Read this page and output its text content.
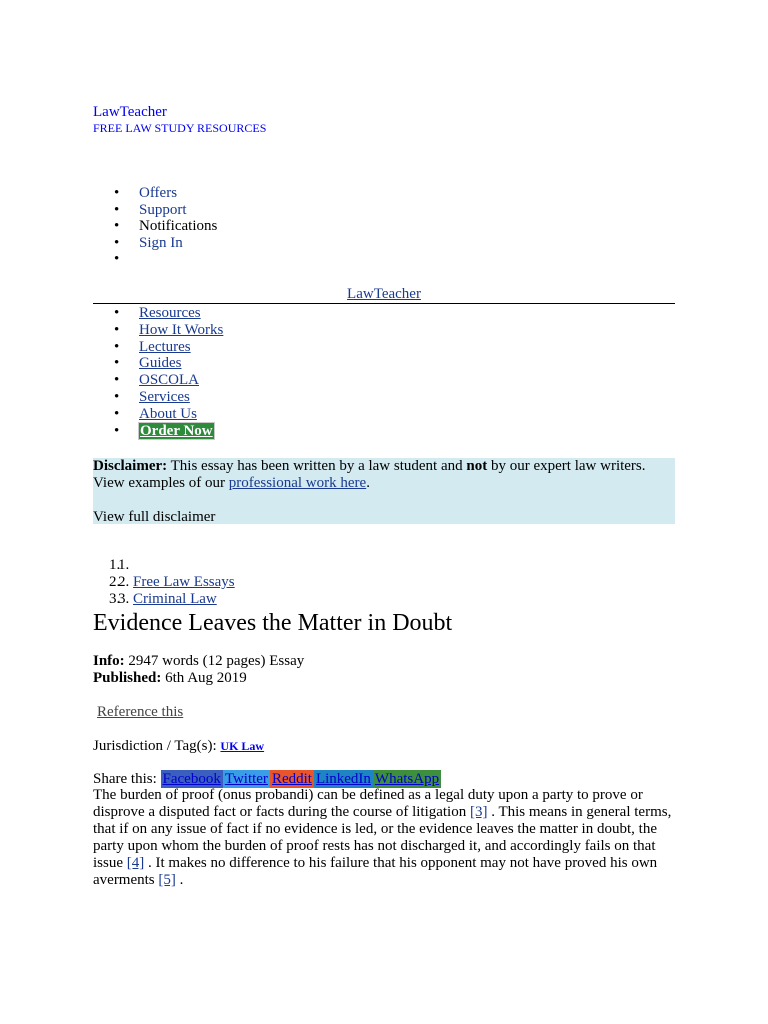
LawTeacher
FREE LAW STUDY RESOURCES
• Offers
• Support
• Notifications
• Sign In
•
LawTeacher
• Resources
• How It Works
• Lectures
• Guides
• OSCOLA
• Services
• About Us
• Order Now

Disclaimer: This essay has been written by a law student and not by our expert law writers. View examples of our professional work here.

View full disclaimer

1. 1.
2. 2. Free Law Essays
3. 3. Criminal Law
Evidence Leaves the Matter in Doubt
Info: 2947 words (12 pages) Essay
Published: 6th Aug 2019
Reference this
Jurisdiction / Tag(s): UK Law
Share this: Facebook Twitter Reddit LinkedIn WhatsApp
The burden of proof (onus probandi) can be defined as a legal duty upon a party to prove or disprove a disputed fact or facts during the course of litigation [3] . This means in general terms, that if on any issue of fact if no evidence is led, or the evidence leaves the matter in doubt, the party upon whom the burden of proof rests has not discharged it, and accordingly fails on that issue [4] . It makes no difference to his failure that his opponent may not have proved his own averments [5] .
